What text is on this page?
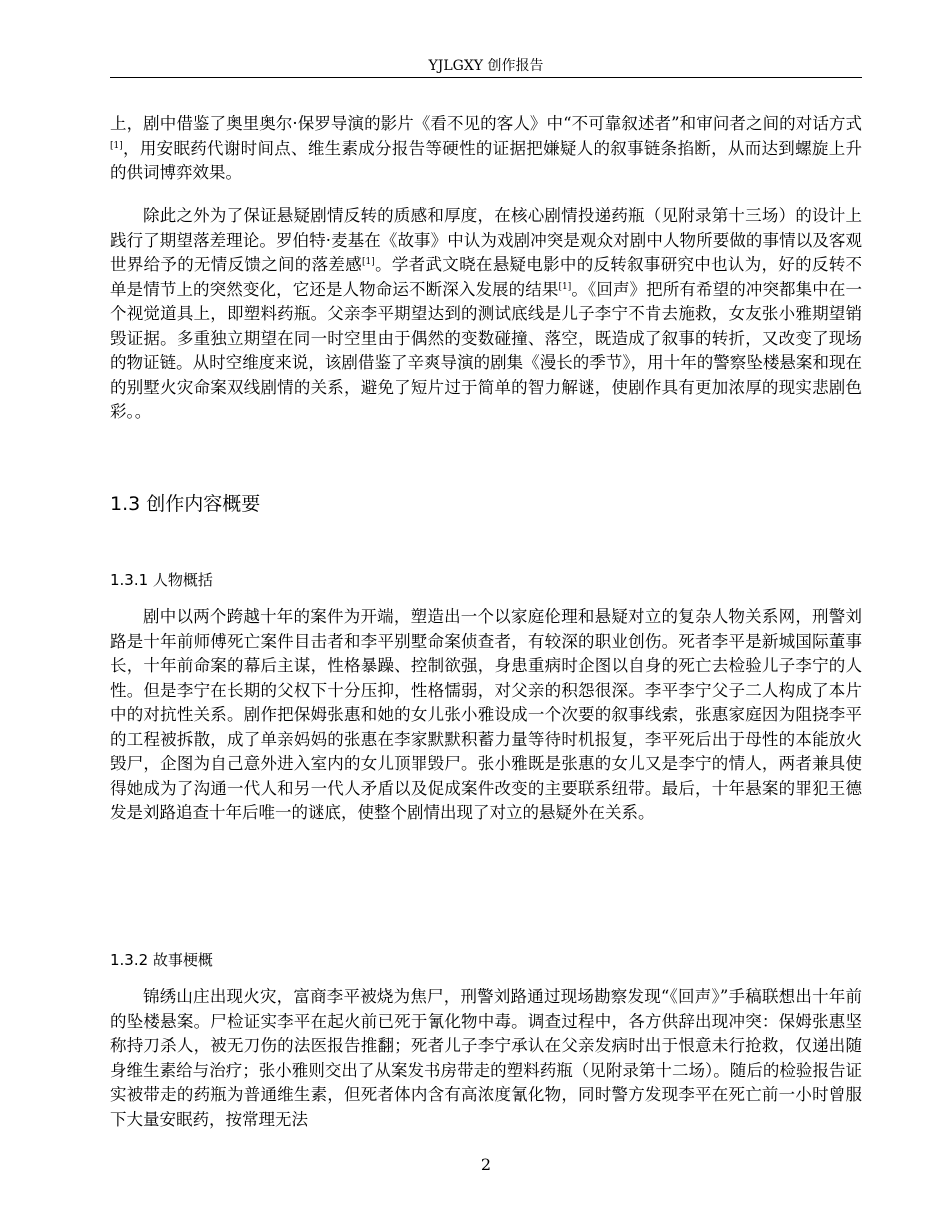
YJLGXY 创作报告

上，剧中借鉴了奥里奥尔·保罗导演的影片《看不见的客人》中“不可靠叙述者”和审问者之间的对话方式[1]，用安眠药代谢时间点、维生素成分报告等硬性的证据把嫌疑人的叙事链条掐断，从而达到螺旋上升的供词博弈效果。

除此之外为了保证悬疑剧情反转的质感和厚度，在核心剧情投递药瓶（见附录第十三场）的设计上践行了期望落差理论。罗伯特·麦基在《故事》中认为戏剧冲突是观众对剧中人物所要做的事情以及客观世界给予的无情反馈之间的落差感[1]。学者武文晓在悬疑电影中的反转叙事研究中也认为，好的反转不单是情节上的突然变化，它还是人物命运不断深入发展的结果[1]。《回声》把所有希望的冲突都集中在一个视觉道具上，即塑料药瓶。父亲李平期望达到的测试底线是儿子李宁不肯去施救，女友张小雅期望销毁证据。多重独立期望在同一时空里由于偶然的变数碰撞、落空，既造成了叙事的转折，又改变了现场的物证链。从时空维度来说，该剧借鉴了辛爽导演的剧集《漫长的季节》，用十年的警察坠楼悬案和现在的别墅火灾命案双线剧情的关系，避免了短片过于简单的智力解谜，使剧作具有更加浓厚的现实悲剧色彩。。

1.3 创作内容概要
1.3.1 人物概括

剧中以两个跨越十年的案件为开端，塑造出一个以家庭伦理和悬疑对立的复杂人物关系网，刑警刘路是十年前师傅死亡案件目击者和李平别墅命案侦查者，有较深的职业创伤。死者李平是新城国际董事长，十年前命案的幕后主谋，性格暴躁、控制欲强，身患重病时企图以自身的死亡去检验儿子李宁的人性。但是李宁在长期的父权下十分压抑，性格懦弱，对父亲的积怨很深。李平李宁父子二人构成了本片中的对抗性关系。剧作把保姆张惠和她的女儿张小雅设成一个次要的叙事线索，张惠家庭因为阻挠李平的工程被拆散，成了单亲妈妈的张惠在李家默默积蓄力量等待时机报复，李平死后出于母性的本能放火毁尸，企图为自己意外进入室内的女儿顶罪毁尸。张小雅既是张惠的女儿又是李宁的情人，两者兼具使得她成为了沟通一代人和另一代人矛盾以及促成案件改变的主要联系纽带。最后，十年悬案的罪犯王德发是刘路追查十年后唯一的谜底，使整个剧情出现了对立的悬疑外在关系。

1.3.2 故事梗概

锦绣山庄出现火灾，富商李平被烧为焦尸，刑警刘路通过现场勘察发现“《回声》”手稿联想出十年前的坠楼悬案。尸检证实李平在起火前已死于氰化物中毒。调查过程中，各方供辞出现冲突：保姆张惠坚称持刀杀人，被无刀伤的法医报告推翻；死者儿子李宁承认在父亲发病时出于恨意未行抢救，仅递出随身维生素给与治疗；张小雅则交出了从案发书房带走的塑料药瓶（见附录第十二场）。随后的检验报告证实被带走的药瓶为普通维生素，但死者体内含有高浓度氰化物，同时警方发现李平在死亡前一小时曾服下大量安眠药，按常理无法

2
